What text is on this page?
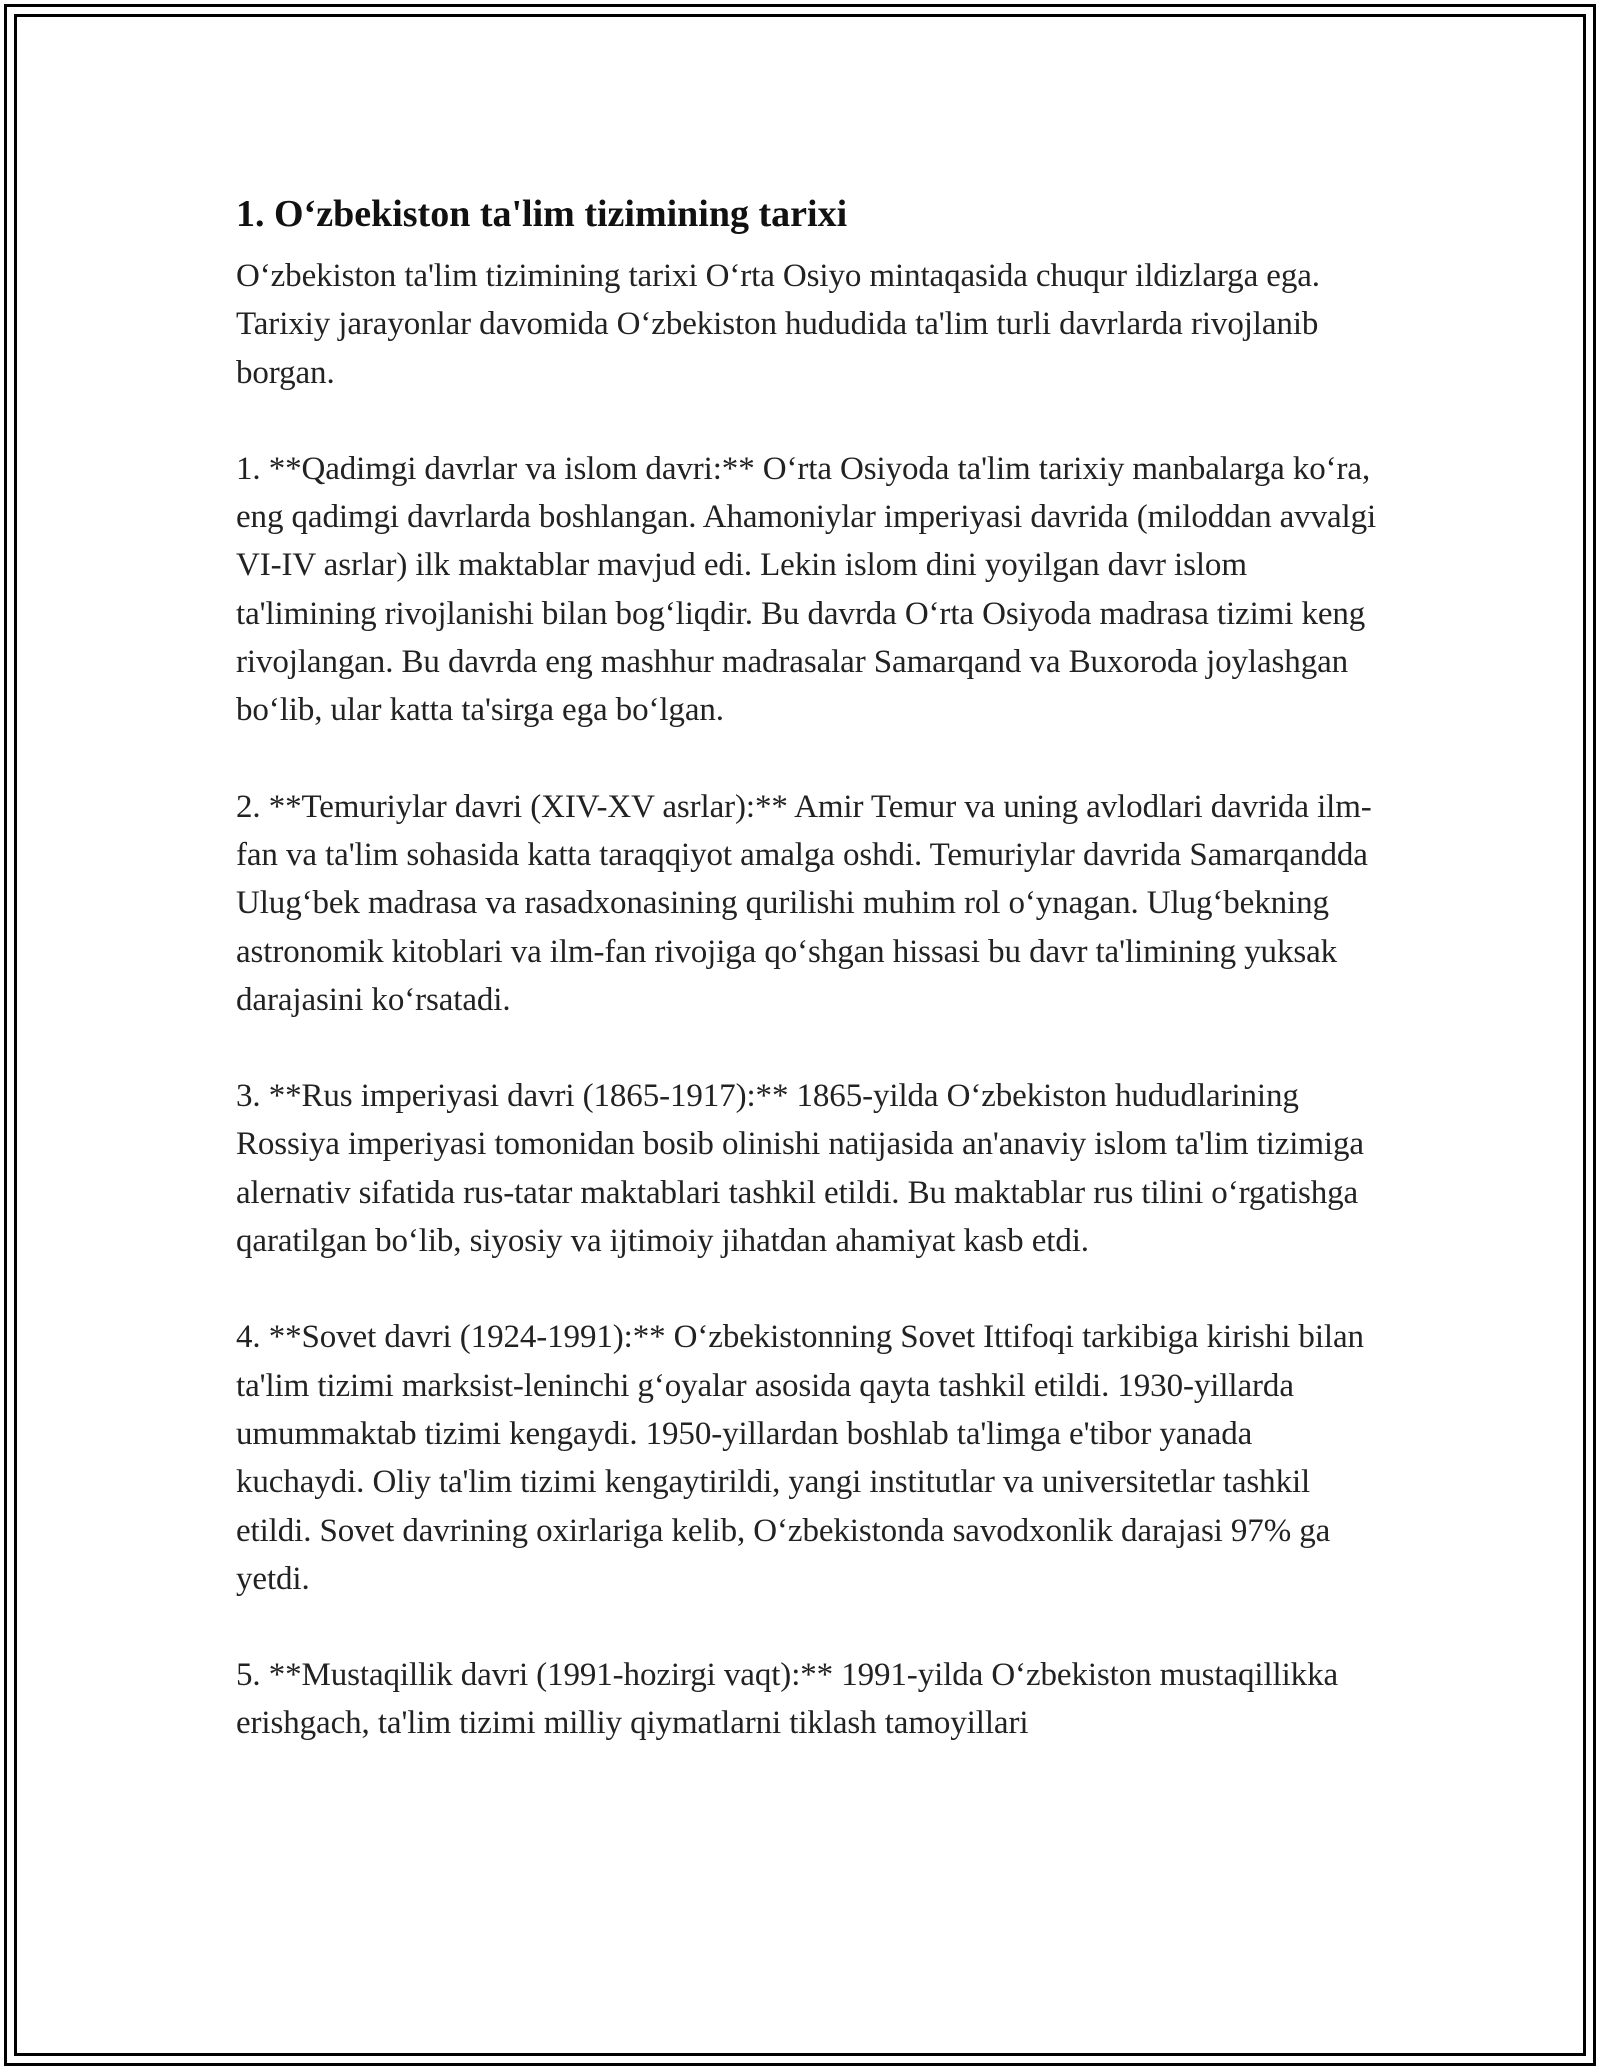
1. O‘zbekiston ta'lim tizimining tarixi

O‘zbekiston ta'lim tizimining tarixi O‘rta Osiyo mintaqasida chuqur ildizlarga ega. Tarixiy jarayonlar davomida O‘zbekiston hududida ta'lim turli davrlarda rivojlanib borgan.

1. **Qadimgi davrlar va islom davri:** O‘rta Osiyoda ta'lim tarixiy manbalarga ko‘ra, eng qadimgi davrlarda boshlangan. Ahamoniylar imperiyasi davrida (miloddan avvalgi VI-IV asrlar) ilk maktablar mavjud edi. Lekin islom dini yoyilgan davr islom ta'limining rivojlanishi bilan bog‘liqdir. Bu davrda O‘rta Osiyoda madrasa tizimi keng rivojlangan. Bu davrda eng mashhur madrasalar Samarqand va Buxoroda joylashgan bo‘lib, ular katta ta'sirga ega bo‘lgan.

2. **Temuriylar davri (XIV-XV asrlar):** Amir Temur va uning avlodlari davrida ilm-fan va ta'lim sohasida katta taraqqiyot amalga oshdi. Temuriylar davrida Samarqandda Ulug‘bek madrasa va rasadxonasining qurilishi muhim rol o‘ynagan. Ulug‘bekning astronomik kitoblari va ilm-fan rivojiga qo‘shgan hissasi bu davr ta'limining yuksak darajasini ko‘rsatadi.

3. **Rus imperiyasi davri (1865-1917):** 1865-yilda O‘zbekiston hududlarining Rossiya imperiyasi tomonidan bosib olinishi natijasida an'anaviy islom ta'lim tizimiga alernativ sifatida rus-tatar maktablari tashkil etildi. Bu maktablar rus tilini o‘rgatishga qaratilgan bo‘lib, siyosiy va ijtimoiy jihatdan ahamiyat kasb etdi.

4. **Sovet davri (1924-1991):** O‘zbekistonning Sovet Ittifoqi tarkibiga kirishi bilan ta'lim tizimi marksist-leninchi g‘oyalar asosida qayta tashkil etildi. 1930-yillarda umummaktab tizimi kengaydi. 1950-yillardan boshlab ta'limga e'tibor yanada kuchaydi. Oliy ta'lim tizimi kengaytirildi, yangi institutlar va universitetlar tashkil etildi. Sovet davrining oxirlariga kelib, O‘zbekistonda savodxonlik darajasi 97% ga yetdi.

5. **Mustaqillik davri (1991-hozirgi vaqt):** 1991-yilda O‘zbekiston mustaqillikka erishgach, ta'lim tizimi milliy qiymatlarni tiklash tamoyillari
